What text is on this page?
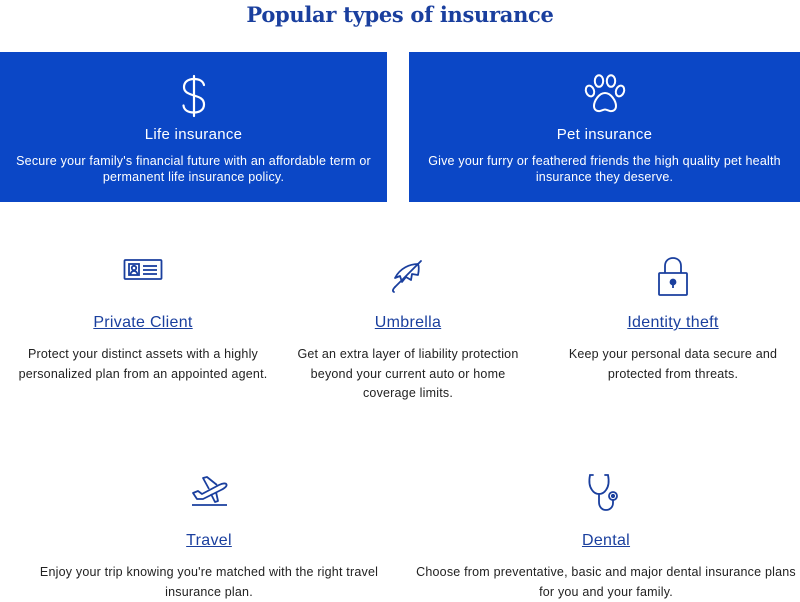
Popular types of insurance
Life insurance
Secure your family's financial future with an affordable term or permanent life insurance policy.
Pet insurance
Give your furry or feathered friends the high quality pet health insurance they deserve.
Private Client
Protect your distinct assets with a highly personalized plan from an appointed agent.
Umbrella
Get an extra layer of liability protection beyond your current auto or home coverage limits.
Identity theft
Keep your personal data secure and protected from threats.
Travel
Enjoy your trip knowing you're matched with the right travel insurance plan.
Dental
Choose from preventative, basic and major dental insurance plans for you and your family.
